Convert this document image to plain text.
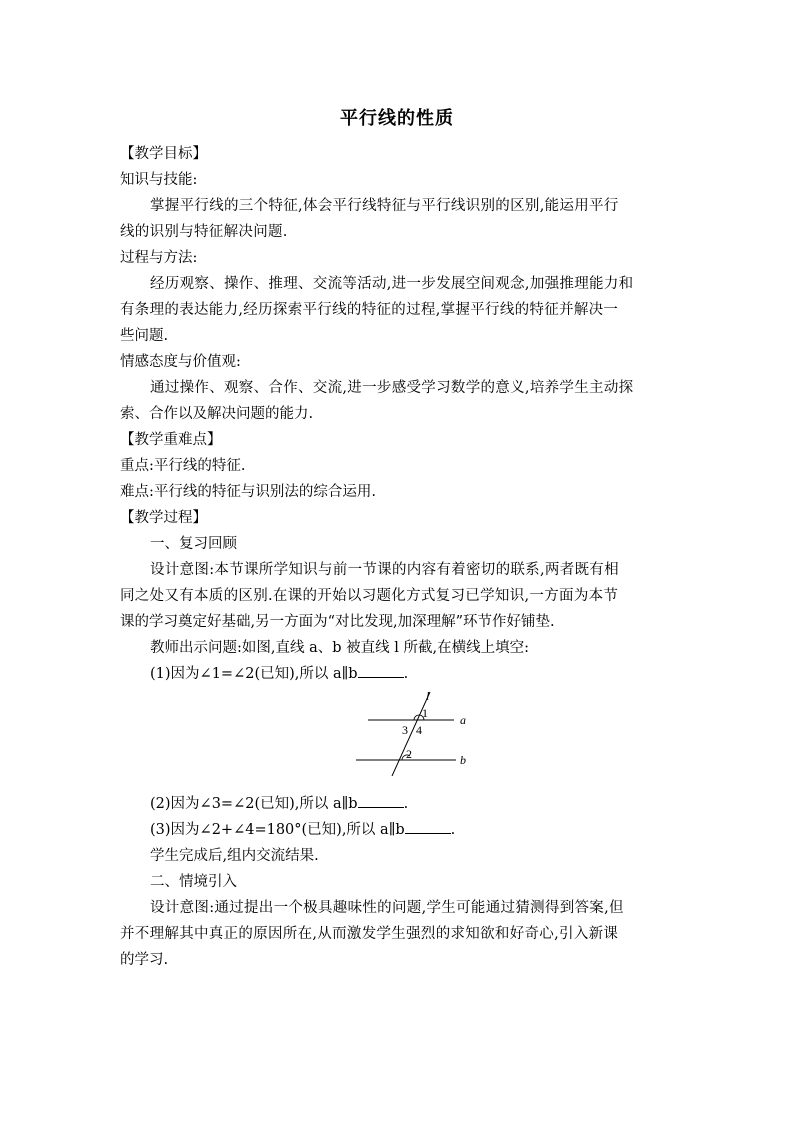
平行线的性质
【教学目标】
知识与技能:
掌握平行线的三个特征,体会平行线特征与平行线识别的区别,能运用平行
线的识别与特征解决问题.
过程与方法:
经历观察、操作、推理、交流等活动,进一步发展空间观念,加强推理能力和
有条理的表达能力,经历探索平行线的特征的过程,掌握平行线的特征并解决一
些问题.
情感态度与价值观:
通过操作、观察、合作、交流,进一步感受学习数学的意义,培养学生主动探
索、合作以及解决问题的能力.
【教学重难点】
重点:平行线的特征.
难点:平行线的特征与识别法的综合运用.
【教学过程】
一、复习回顾
设计意图:本节课所学知识与前一节课的内容有着密切的联系,两者既有相
同之处又有本质的区别.在课的开始以习题化方式复习已学知识,一方面为本节
课的学习奠定好基础,另一方面为“对比发现,加深理解”环节作好铺垫.
教师出示问题:如图,直线 a、b 被直线 l 所截,在横线上填空:
(1)因为∠1=∠2(已知),所以 a∥b	.
l
a
b
1
3 4
2
(2)因为∠3=∠2(已知),所以 a∥b	.
(3)因为∠2+∠4=180°(已知),所以 a∥b	.
学生完成后,组内交流结果.
二、情境引入
设计意图:通过提出一个极具趣味性的问题,学生可能通过猜测得到答案,但
并不理解其中真正的原因所在,从而激发学生强烈的求知欲和好奇心,引入新课
的学习.
